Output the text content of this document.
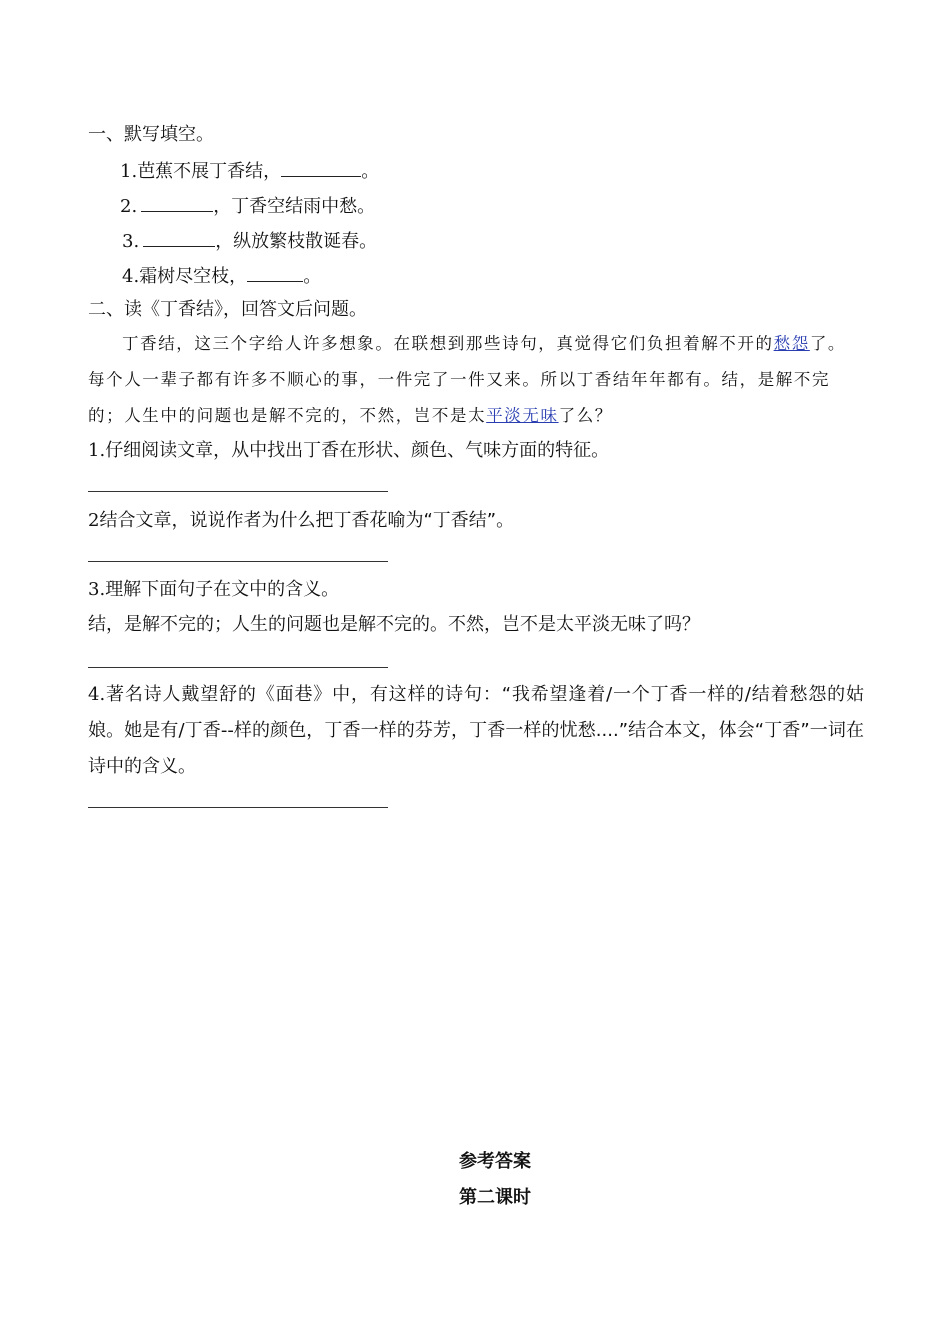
一、默写填空。
1.芭蕉不展丁香结，	。
2.	，丁香空结雨中愁。
3.	，纵放繁枝散诞春。
4.霜树尽空枝，	。
二、读《丁香结》，回答文后问题。

丁香结，这三个字给人许多想象。在联想到那些诗句，真觉得它们负担着解不开的愁怨了。每个人一辈子都有许多不顺心的事，一件完了一件又来。所以丁香结年年都有。结，是解不完的；人生中的问题也是解不完的，不然，岂不是太平淡无味了么？

1.仔细阅读文章，从中找出丁香在形状、颜色、气味方面的特征。
2结合文章，说说作者为什么把丁香花喻为“丁香结”。
3.理解下面句子在文中的含义。
结，是解不完的；人生的问题也是解不完的。不然，岂不是太平淡无味了吗？
4.著名诗人戴望舒的《面巷》中，有这样的诗句：“我希望逢着/一个丁香一样的/结着愁怨的姑娘。她是有/丁香--样的颜色，丁香一样的芬芳，丁香一样的忧愁....”结合本文，体会“丁香”一词在诗中的含义。
参考答案
第二课时
